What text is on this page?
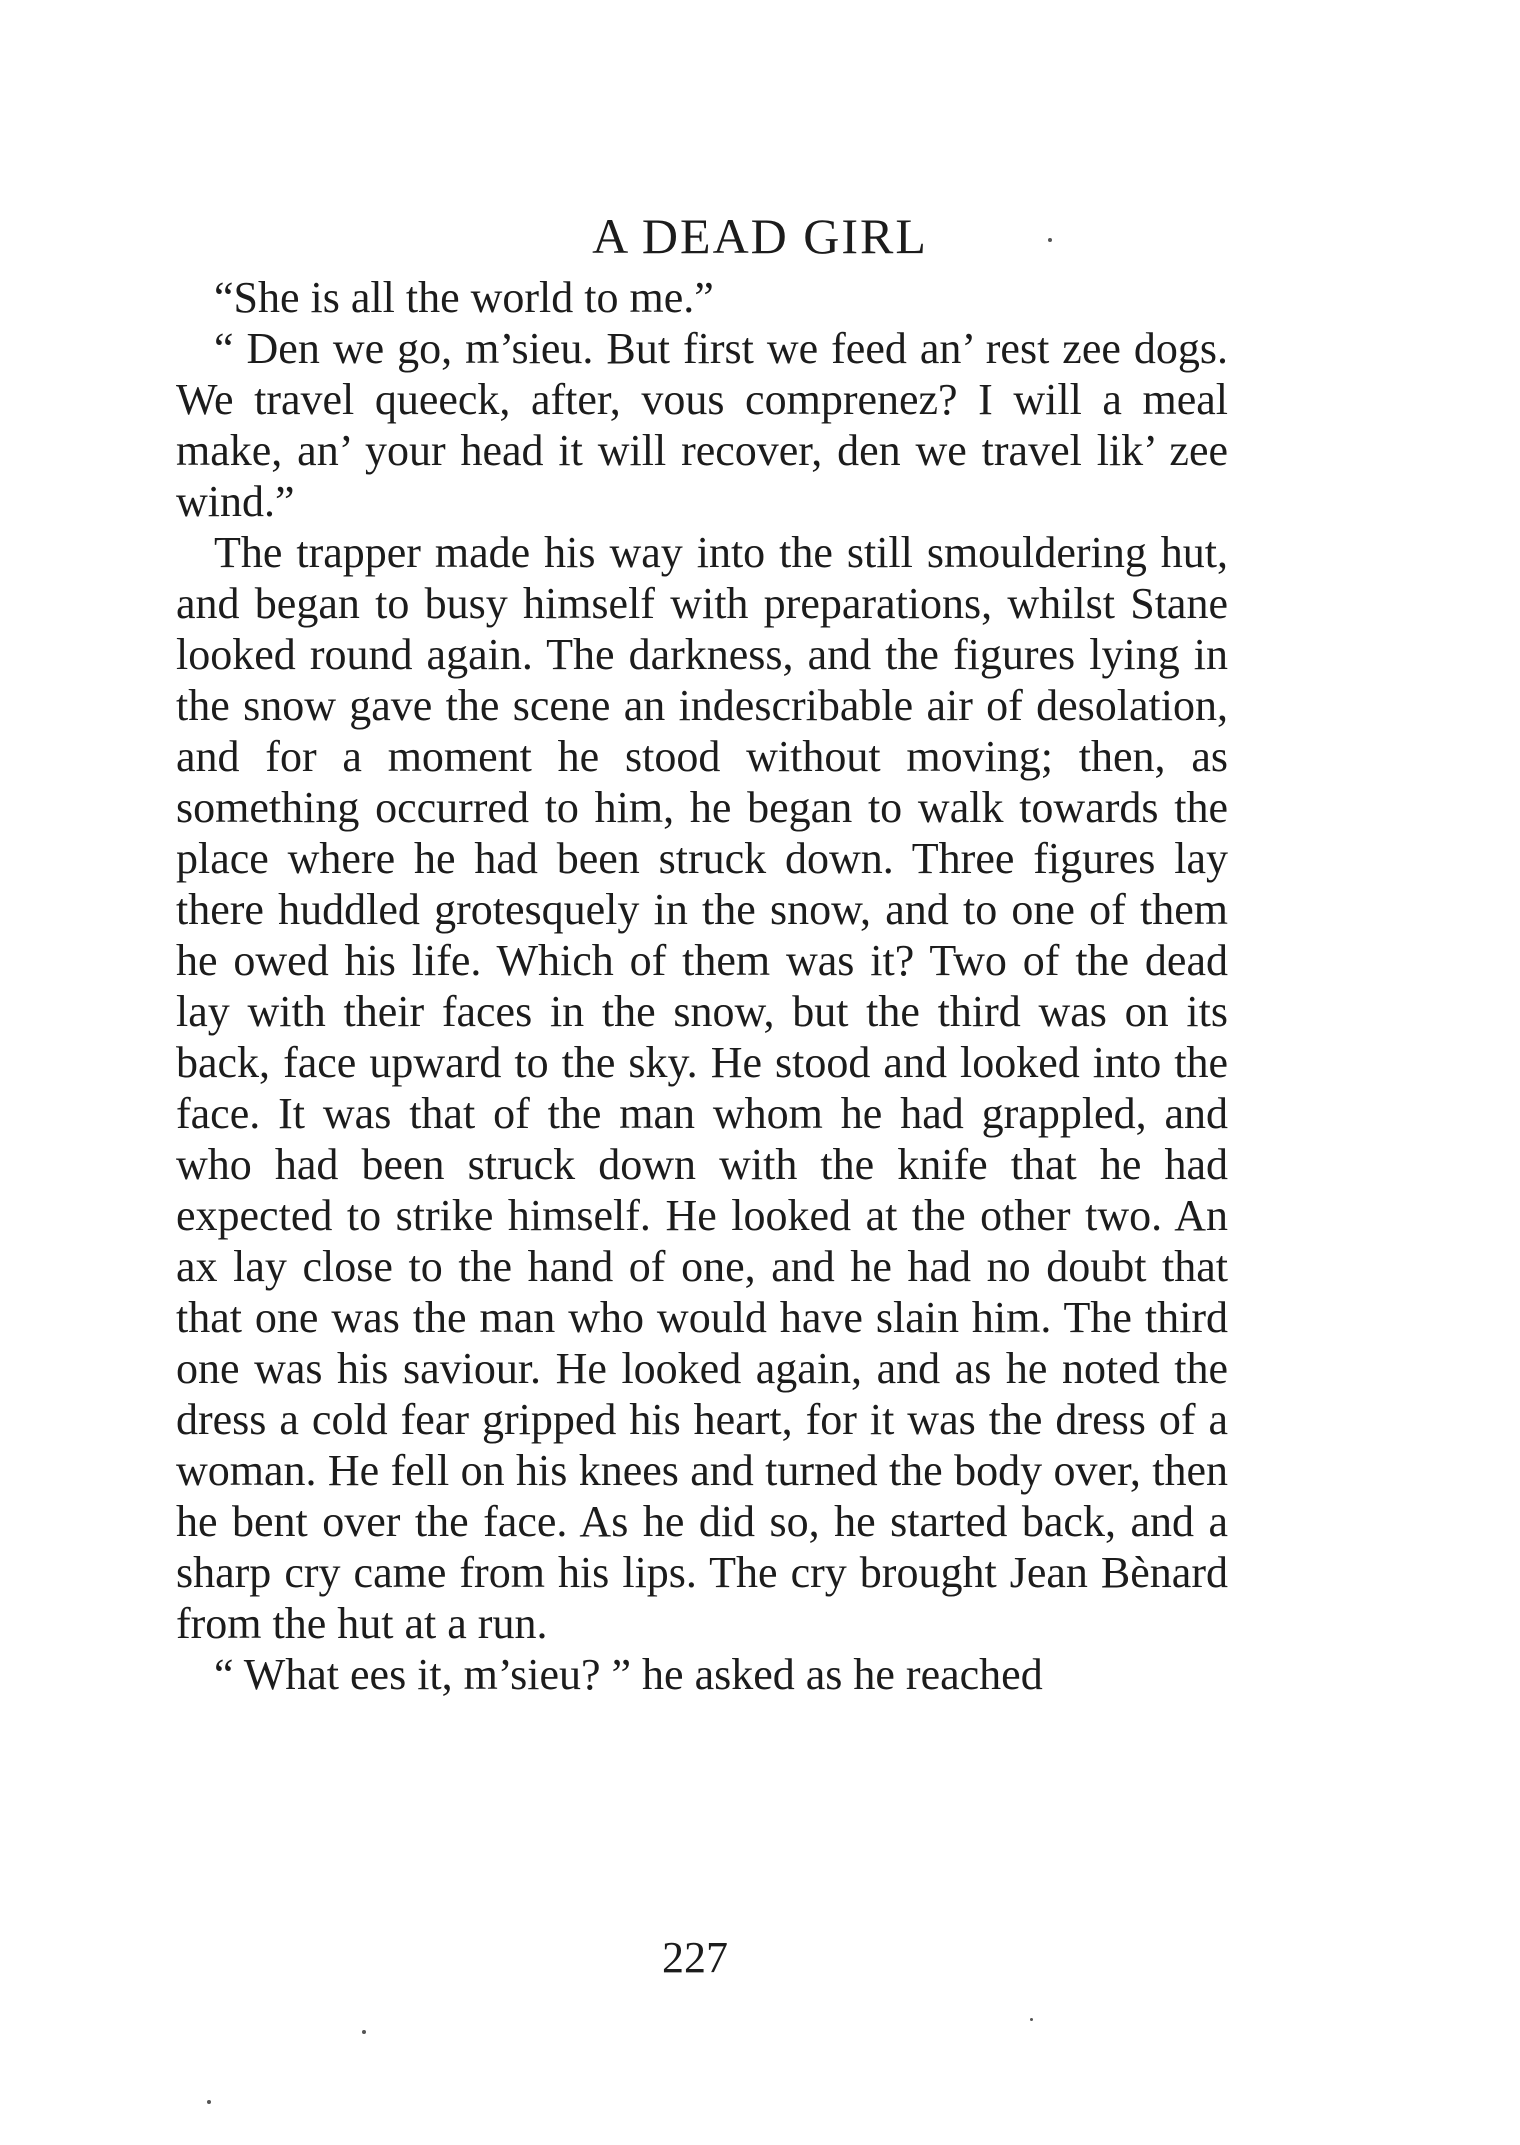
A DEAD GIRL

“She is all the world to me.”

“ Den we go, m’sieu. But first we feed an’ rest zee dogs. We travel queeck, after, vous comprenez? I will a meal make, an’ your head it will recover, den we travel lik’ zee wind.”

The trapper made his way into the still smouldering hut, and began to busy himself with preparations, whilst Stane looked round again. The darkness, and the figures lying in the snow gave the scene an indescribable air of desolation, and for a moment he stood without moving; then, as something occurred to him, he began to walk towards the place where he had been struck down. Three figures lay there huddled grotesquely in the snow, and to one of them he owed his life. Which of them was it? Two of the dead lay with their faces in the snow, but the third was on its back, face upward to the sky. He stood and looked into the face. It was that of the man whom he had grappled, and who had been struck down with the knife that he had expected to strike himself. He looked at the other two. An ax lay close to the hand of one, and he had no doubt that that one was the man who would have slain him. The third one was his saviour. He looked again, and as he noted the dress a cold fear gripped his heart, for it was the dress of a woman. He fell on his knees and turned the body over, then he bent over the face. As he did so, he started back, and a sharp cry came from his lips. The cry brought Jean Bènard from the hut at a run.

“ What ees it, m’sieu? ” he asked as he reached

227
